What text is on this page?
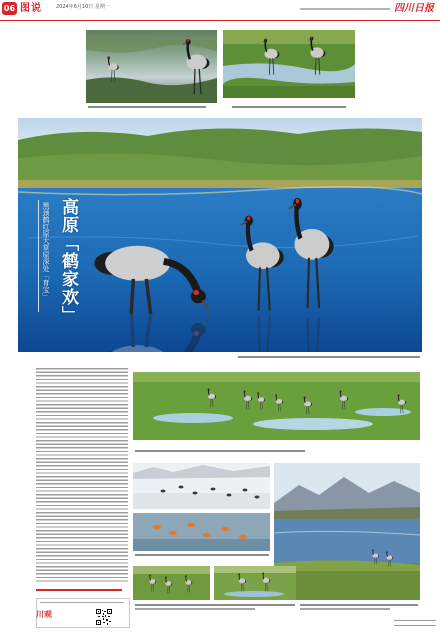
06 图说	2024年6月10日 星期一	四川日报
黑颈鹤红原大草原深处「育宝」 高原「鹤家欢」
川观
